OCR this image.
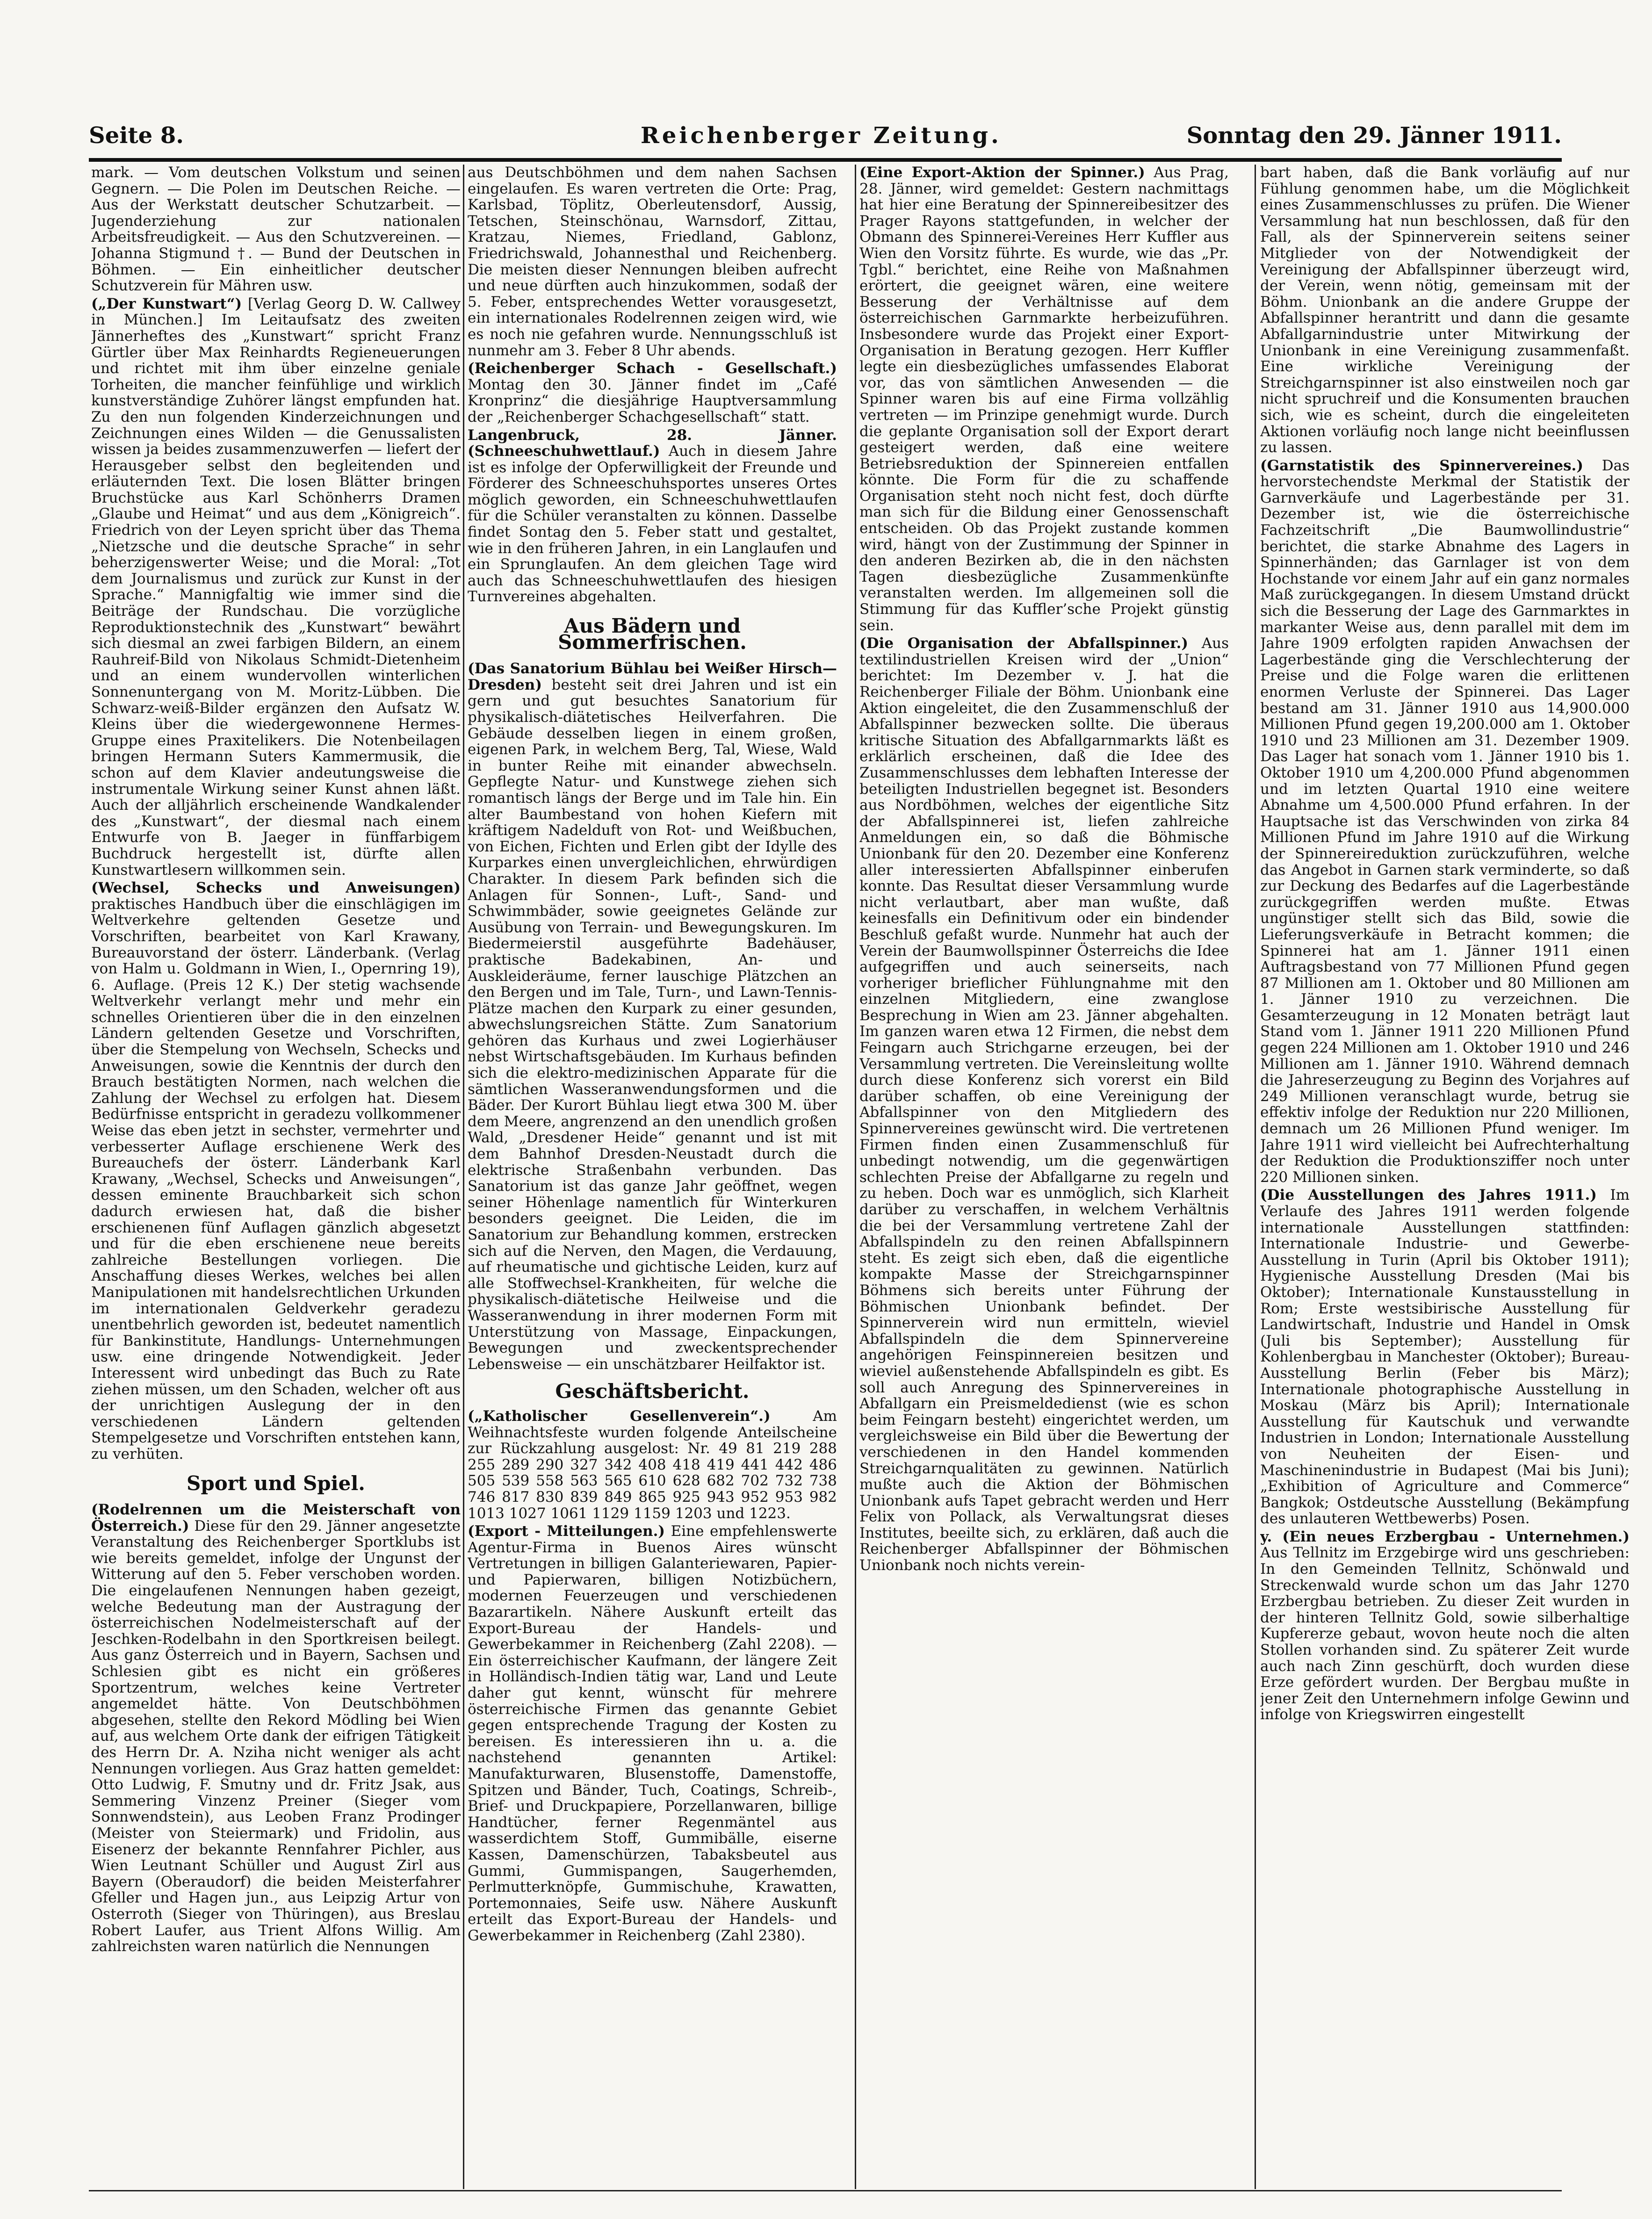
Seite 8.	Reichenberger Zeitung.	Sonntag den 29. Jänner 1911.

mark. — Vom deutschen Volkstum und seinen Gegnern. — Die Polen im Deutschen Reiche. — Aus der Werkstatt deutscher Schutzarbeit. — Jugenderziehung zur nationalen Arbeitsfreudigkeit. — Aus den Schutzvereinen. — Johanna Stigmund †. — Bund der Deutschen in Böhmen. — Ein einheitlicher deutscher Schutzverein für Mähren usw.

(„Der Kunstwart“) [Verlag Georg D. W. Callwey in München.] Im Leitaufsatz des zweiten Jännerheftes des „Kunstwart“ spricht Franz Gürtler über Max Reinhardts Regieneuerungen und richtet mit ihm über einzelne geniale Torheiten, die mancher feinfühlige und wirklich kunstverständige Zuhörer längst empfunden hat. Zu den nun folgenden Kinderzeichnungen und Zeichnungen eines Wilden — die Genussalisten wissen ja beides zusammenzuwerfen — liefert der Herausgeber selbst den begleitenden und erläuternden Text. Die losen Blätter bringen Bruchstücke aus Karl Schönherrs Dramen „Glaube und Heimat“ und aus dem „Königreich“. Friedrich von der Leyen spricht über das Thema „Nietzsche und die deutsche Sprache“ in sehr beherzigenswerter Weise; und die Moral: „Tot dem Journalismus und zurück zur Kunst in der Sprache.“ Mannigfaltig wie immer sind die Beiträge der Rundschau. Die vorzügliche Reproduktionstechnik des „Kunstwart“ bewährt sich diesmal an zwei farbigen Bildern, an einem Rauhreif-Bild von Nikolaus Schmidt-Dietenheim und an einem wundervollen winterlichen Sonnenuntergang von M. Moritz-Lübben. Die Schwarz-weiß-Bilder ergänzen den Aufsatz W. Kleins über die wiedergewonnene Hermes-Gruppe eines Praxitelikers. Die Notenbeilagen bringen Hermann Suters Kammermusik, die schon auf dem Klavier andeutungsweise die instrumentale Wirkung seiner Kunst ahnen läßt. Auch der alljährlich erscheinende Wandkalender des „Kunstwart“, der diesmal nach einem Entwurfe von B. Jaeger in fünffarbigem Buchdruck hergestellt ist, dürfte allen Kunstwartlesern willkommen sein.

(Wechsel, Schecks und Anweisungen) praktisches Handbuch über die einschlägigen im Weltverkehre geltenden Gesetze und Vorschriften, bearbeitet von Karl Krawany, Bureauvorstand der österr. Länderbank. (Verlag von Halm u. Goldmann in Wien, I., Opernring 19), 6. Auflage. (Preis 12 K.) Der stetig wachsende Weltverkehr verlangt mehr und mehr ein schnelles Orientieren über die in den einzelnen Ländern geltenden Gesetze und Vorschriften, über die Stempelung von Wechseln, Schecks und Anweisungen, sowie die Kenntnis der durch den Brauch bestätigten Normen, nach welchen die Zahlung der Wechsel zu erfolgen hat. Diesem Bedürfnisse entspricht in geradezu vollkommener Weise das eben jetzt in sechster, vermehrter und verbesserter Auflage erschienene Werk des Bureauchefs der österr. Länderbank Karl Krawany, „Wechsel, Schecks und Anweisungen“, dessen eminente Brauchbarkeit sich schon dadurch erwiesen hat, daß die bisher erschienenen fünf Auflagen gänzlich abgesetzt und für die eben erschienene neue bereits zahlreiche Bestellungen vorliegen. Die Anschaffung dieses Werkes, welches bei allen Manipulationen mit handelsrechtlichen Urkunden im internationalen Geldverkehr geradezu unentbehrlich geworden ist, bedeutet namentlich für Bankinstitute, Handlungs- Unternehmungen usw. eine dringende Notwendigkeit. Jeder Interessent wird unbedingt das Buch zu Rate ziehen müssen, um den Schaden, welcher oft aus der unrichtigen Auslegung der in den verschiedenen Ländern geltenden Stempelgesetze und Vorschriften entstehen kann, zu verhüten.

Sport und Spiel.

(Rodelrennen um die Meisterschaft von Österreich.) Diese für den 29. Jänner angesetzte Veranstaltung des Reichenberger Sportklubs ist wie bereits gemeldet, infolge der Ungunst der Witterung auf den 5. Feber verschoben worden. Die eingelaufenen Nennungen haben gezeigt, welche Bedeutung man der Austragung der österreichischen Nodelmeisterschaft auf der Jeschken-Rodelbahn in den Sportkreisen beilegt. Aus ganz Österreich und in Bayern, Sachsen und Schlesien gibt es nicht ein größeres Sportzentrum, welches keine Vertreter angemeldet hätte. Von Deutschböhmen abgesehen, stellte den Rekord Mödling bei Wien auf, aus welchem Orte dank der eifrigen Tätigkeit des Herrn Dr. A. Nziha nicht weniger als acht Nennungen vorliegen. Aus Graz hatten gemeldet: Otto Ludwig, F. Smutny und dr. Fritz Jsak, aus Semmering Vinzenz Preiner (Sieger vom Sonnwendstein), aus Leoben Franz Prodinger (Meister von Steiermark) und Fridolin, aus Eisenerz der bekannte Rennfahrer Pichler, aus Wien Leutnant Schüller und August Zirl aus Bayern (Oberaudorf) die beiden Meisterfahrer Gfeller und Hagen jun., aus Leipzig Artur von Osterroth (Sieger von Thüringen), aus Breslau Robert Laufer, aus Trient Alfons Willig. Am zahlreichsten waren natürlich die Nennungen

aus Deutschböhmen und dem nahen Sachsen eingelaufen. Es waren vertreten die Orte: Prag, Karlsbad, Töplitz, Oberleutensdorf, Aussig, Tetschen, Steinschönau, Warnsdorf, Zittau, Kratzau, Niemes, Friedland, Gablonz, Friedrichswald, Johannesthal und Reichenberg. Die meisten dieser Nennungen bleiben aufrecht und neue dürften auch hinzukommen, sodaß der 5. Feber, entsprechendes Wetter vorausgesetzt, ein internationales Rodelrennen zeigen wird, wie es noch nie gefahren wurde. Nennungsschluß ist nunmehr am 3. Feber 8 Uhr abends.

(Reichenberger Schach - Gesellschaft.) Montag den 30. Jänner findet im „Café Kronprinz“ die diesjährige Hauptversammlung der „Reichenberger Schachgesellschaft“ statt.

Langenbruck, 28. Jänner. (Schneeschuhwettlauf.) Auch in diesem Jahre ist es infolge der Opferwilligkeit der Freunde und Förderer des Schneeschuhsportes unseres Ortes möglich geworden, ein Schneeschuhwettlaufen für die Schüler veranstalten zu können. Dasselbe findet Sontag den 5. Feber statt und gestaltet, wie in den früheren Jahren, in ein Langlaufen und ein Sprunglaufen. An dem gleichen Tage wird auch das Schneeschuhwettlaufen des hiesigen Turnvereines abgehalten.

Aus Bädern und Sommerfrischen.

(Das Sanatorium Bühlau bei Weißer Hirsch—Dresden) besteht seit drei Jahren und ist ein gern und gut besuchtes Sanatorium für physikalisch-diätetisches Heilverfahren. Die Gebäude desselben liegen in einem großen, eigenen Park, in welchem Berg, Tal, Wiese, Wald in bunter Reihe mit einander abwechseln. Gepflegte Natur- und Kunstwege ziehen sich romantisch längs der Berge und im Tale hin. Ein alter Baumbestand von hohen Kiefern mit kräftigem Nadelduft von Rot- und Weißbuchen, von Eichen, Fichten und Erlen gibt der Idylle des Kurparkes einen unvergleichlichen, ehrwürdigen Charakter. In diesem Park befinden sich die Anlagen für Sonnen-, Luft-, Sand- und Schwimmbäder, sowie geeignetes Gelände zur Ausübung von Terrain- und Bewegungskuren. Im Biedermeierstil ausgeführte Badehäuser, praktische Badekabinen, An- und Auskleideräume, ferner lauschige Plätzchen an den Bergen und im Tale, Turn-, und Lawn-Tennis-Plätze machen den Kurpark zu einer gesunden, abwechslungsreichen Stätte. Zum Sanatorium gehören das Kurhaus und zwei Logierhäuser nebst Wirtschaftsgebäuden. Im Kurhaus befinden sich die elektro-medizinischen Apparate für die sämtlichen Wasseranwendungsformen und die Bäder. Der Kurort Bühlau liegt etwa 300 M. über dem Meere, angrenzend an den unendlich großen Wald, „Dresdener Heide“ genannt und ist mit dem Bahnhof Dresden-Neustadt durch die elektrische Straßenbahn verbunden. Das Sanatorium ist das ganze Jahr geöffnet, wegen seiner Höhenlage namentlich für Winterkuren besonders geeignet. Die Leiden, die im Sanatorium zur Behandlung kommen, erstrecken sich auf die Nerven, den Magen, die Verdauung, auf rheumatische und gichtische Leiden, kurz auf alle Stoffwechsel-Krankheiten, für welche die physikalisch-diätetische Heilweise und die Wasseranwendung in ihrer modernen Form mit Unterstützung von Massage, Einpackungen, Bewegungen und zweckentsprechender Lebensweise — ein unschätzbarer Heilfaktor ist.

Geschäftsbericht.

(„Katholischer Gesellenverein“.)	Am Weihnachtsfeste wurden folgende Anteilscheine zur Rückzahlung ausgelost: Nr. 49 81 219 288 255 289 290 327 342 408 418 419 441 442 486 505 539 558 563 565 610 628 682 702 732 738 746 817 830 839 849 865 925 943 952 953 982 1013 1027 1061 1129 1159 1203 und 1223.

(Export - Mitteilungen.) Eine empfehlenswerte Agentur-Firma in Buenos Aires wünscht Vertretungen in billigen Galanteriewaren, Papier- und Papierwaren, billigen Notizbüchern, modernen Feuerzeugen und verschiedenen Bazarartikeln. Nähere Auskunft erteilt das Export-Bureau der Handels- und Gewerbekammer in Reichenberg (Zahl 2208). — Ein österreichischer Kaufmann, der längere Zeit in Holländisch-Indien tätig war, Land und Leute daher gut kennt, wünscht für mehrere österreichische Firmen das genannte Gebiet gegen entsprechende Tragung der Kosten zu bereisen. Es interessieren ihn u. a. die nachstehend genannten Artikel: Manufakturwaren, Blusenstoffe, Damenstoffe, Spitzen und Bänder, Tuch, Coatings, Schreib-, Brief- und Druckpapiere, Porzellanwaren, billige Handtücher, ferner Regenmäntel aus wasserdichtem Stoff, Gummibälle, eiserne Kassen, Damenschürzen, Tabaksbeutel aus Gummi, Gummispangen, Saugerhemden, Perlmutterknöpfe, Gummischuhe, Krawatten, Portemonnaies, Seife usw. Nähere Auskunft erteilt das Export-Bureau der Handels- und Gewerbekammer in Reichenberg (Zahl 2380).

(Eine Export-Aktion der Spinner.) Aus Prag, 28. Jänner, wird gemeldet: Gestern nachmittags hat hier eine Beratung der Spinnereibesitzer des Prager Rayons stattgefunden, in welcher der Obmann des Spinnerei-Vereines Herr Kuffler aus Wien den Vorsitz führte. Es wurde, wie das „Pr. Tgbl.“ berichtet, eine Reihe von Maßnahmen erörtert, die geeignet wären, eine weitere Besserung der Verhältnisse auf dem österreichischen Garnmarkte herbeizuführen. Insbesondere wurde das Projekt einer Export-Organisation in Beratung gezogen. Herr Kuffler legte ein diesbezügliches umfassendes Elaborat vor, das von sämtlichen Anwesenden — die Spinner waren bis auf eine Firma vollzählig vertreten — im Prinzipe genehmigt wurde. Durch die geplante Organisation soll der Export derart gesteigert werden, daß eine weitere Betriebsreduktion der Spinnereien entfallen könnte. Die Form für die zu schaffende Organisation steht noch nicht fest, doch dürfte man sich für die Bildung einer Genossenschaft entscheiden. Ob das Projekt zustande kommen wird, hängt von der Zustimmung der Spinner in den anderen Bezirken ab, die in den nächsten Tagen diesbezügliche Zusammenkünfte veranstalten werden. Im allgemeinen soll die Stimmung für das Kuffler’sche Projekt günstig sein.

(Die Organisation der Abfallspinner.) Aus textilindustriellen Kreisen wird der „Union“ berichtet: Im Dezember v. J. hat die Reichenberger Filiale der Böhm. Unionbank eine Aktion eingeleitet, die den Zusammenschluß der Abfallspinner bezwecken sollte. Die überaus kritische Situation des Abfallgarnmarkts läßt es erklärlich erscheinen, daß die Idee des Zusammenschlusses dem lebhaften Interesse der beteiligten Industriellen begegnet ist. Besonders aus Nordböhmen, welches der eigentliche Sitz der Abfallspinnerei ist, liefen zahlreiche Anmeldungen ein, so daß die Böhmische Unionbank für den 20. Dezember eine Konferenz aller interessierten Abfallspinner einberufen konnte. Das Resultat dieser Versammlung wurde nicht verlautbart, aber man wußte, daß keinesfalls ein Definitivum oder ein bindender Beschluß gefaßt wurde. Nunmehr hat auch der Verein der Baumwollspinner Österreichs die Idee aufgegriffen und auch seinerseits, nach vorheriger brieflicher Fühlungnahme mit den einzelnen Mitgliedern, eine zwanglose Besprechung in Wien am 23. Jänner abgehalten. Im ganzen waren etwa 12 Firmen, die nebst dem Feingarn auch Strichgarne erzeugen, bei der Versammlung vertreten. Die Vereinsleitung wollte durch diese Konferenz sich vorerst ein Bild darüber schaffen, ob eine Vereinigung der Abfallspinner von den Mitgliedern des Spinnervereines gewünscht wird. Die vertretenen Firmen finden einen Zusammenschluß für unbedingt notwendig, um die gegenwärtigen schlechten Preise der Abfallgarne zu regeln und zu heben. Doch war es unmöglich, sich Klarheit darüber zu verschaffen, in welchem Verhältnis die bei der Versammlung vertretene Zahl der Abfallspindeln zu den reinen Abfallspinnern steht. Es zeigt sich eben, daß die eigentliche kompakte Masse der Streichgarnspinner Böhmens sich bereits unter Führung der Böhmischen Unionbank befindet. Der Spinnerverein wird nun ermitteln, wieviel Abfallspindeln die dem Spinnervereine angehörigen Feinspinnereien besitzen und wieviel außenstehende Abfallspindeln es gibt. Es soll auch Anregung des Spinnervereines in Abfallgarn ein Preismeldedienst (wie es schon beim Feingarn besteht) eingerichtet werden, um vergleichsweise ein Bild über die Bewertung der verschiedenen in den Handel kommenden Streichgarnqualitäten zu gewinnen. Natürlich mußte auch die Aktion der Böhmischen Unionbank aufs Tapet gebracht werden und Herr Felix von Pollack, als Verwaltungsrat dieses Institutes, beeilte sich, zu erklären, daß auch die Reichenberger Abfallspinner der Böhmischen Unionbank noch nichts verein-

bart haben, daß die Bank vorläufig auf nur Fühlung genommen habe, um die Möglichkeit eines Zusammenschlusses zu prüfen. Die Wiener Versammlung hat nun beschlossen, daß für den Fall, als der Spinnerverein seitens seiner Mitglieder von der Notwendigkeit der Vereinigung der Abfallspinner überzeugt wird, der Verein, wenn nötig, gemeinsam mit der Böhm. Unionbank an die andere Gruppe der Abfallspinner herantritt und dann die gesamte Abfallgarnindustrie unter Mitwirkung der Unionbank in eine Vereinigung zusammenfaßt. Eine wirkliche Vereinigung der Streichgarnspinner ist also einstweilen noch gar nicht spruchreif und die Konsumenten brauchen sich, wie es scheint, durch die eingeleiteten Aktionen vorläufig noch lange nicht beeinflussen zu lassen.

(Garnstatistik des Spinnervereines.) Das hervorstechendste Merkmal der Statistik der Garnverkäufe und Lagerbestände per 31. Dezember ist, wie die österreichische Fachzeitschrift „Die Baumwollindustrie“ berichtet, die starke Abnahme des Lagers in Spinnerhänden; das Garnlager ist von dem Hochstande vor einem Jahr auf ein ganz normales Maß zurückgegangen. In diesem Umstand drückt sich die Besserung der Lage des Garnmarktes in markanter Weise aus, denn parallel mit dem im Jahre 1909 erfolgten rapiden Anwachsen der Lagerbestände ging die Verschlechterung der Preise und die Folge waren die erlittenen enormen Verluste der Spinnerei. Das Lager bestand am 31. Jänner 1910 aus 14,900.000 Millionen Pfund gegen 19,200.000 am 1. Oktober 1910 und 23 Millionen am 31. Dezember 1909. Das Lager hat sonach vom 1. Jänner 1910 bis 1. Oktober 1910 um 4,200.000 Pfund abgenommen und im letzten Quartal 1910 eine weitere Abnahme um 4,500.000 Pfund erfahren. In der Hauptsache ist das Verschwinden von zirka 84 Millionen Pfund im Jahre 1910 auf die Wirkung der Spinnereireduktion zurückzuführen, welche das Angebot in Garnen stark verminderte, so daß zur Deckung des Bedarfes auf die Lagerbestände zurückgegriffen werden mußte. Etwas ungünstiger stellt sich das Bild, sowie die Lieferungsverkäufe in Betracht kommen; die Spinnerei hat am 1. Jänner 1911 einen Auftragsbestand von 77 Millionen Pfund gegen 87 Millionen am 1. Oktober und 80 Millionen am 1. Jänner 1910 zu verzeichnen. Die Gesamterzeugung in 12 Monaten beträgt laut Stand vom 1. Jänner 1911 220 Millionen Pfund gegen 224 Millionen am 1. Oktober 1910 und 246 Millionen am 1. Jänner 1910. Während demnach die Jahreserzeugung zu Beginn des Vorjahres auf 249 Millionen veranschlagt wurde, betrug sie effektiv infolge der Reduktion nur 220 Millionen, demnach um 26 Millionen Pfund weniger. Im Jahre 1911 wird vielleicht bei Aufrechterhaltung der Reduktion die Produktionsziffer noch unter 220 Millionen sinken.

(Die Ausstellungen des Jahres 1911.) Im Verlaufe des Jahres 1911 werden folgende internationale Ausstellungen stattfinden: Internationale Industrie- und Gewerbe-Ausstellung in Turin (April bis Oktober 1911); Hygienische Ausstellung Dresden (Mai bis Oktober); Internationale Kunstausstellung in Rom; Erste westsibirische Ausstellung für Landwirtschaft, Industrie und Handel in Omsk (Juli bis September); Ausstellung für Kohlenbergbau in Manchester (Oktober); Bureau-Ausstellung Berlin (Feber bis März); Internationale photographische Ausstellung in Moskau (März bis April); Internationale Ausstellung für Kautschuk und verwandte Industrien in London; Internationale Ausstellung von Neuheiten der Eisen- und Maschinenindustrie in Budapest (Mai bis Juni); „Exhibition of Agriculture and Commerce“ Bangkok; Ostdeutsche Ausstellung (Bekämpfung des unlauteren Wettbewerbs) Posen.

y. (Ein neues Erzbergbau - Unternehmen.) Aus Tellnitz im Erzgebirge wird uns geschrieben: In den Gemeinden Tellnitz, Schönwald und Streckenwald wurde schon um das Jahr 1270 Erzbergbau betrieben. Zu dieser Zeit wurden in der hinteren Tellnitz Gold, sowie silberhaltige Kupfererze gebaut, wovon heute noch die alten Stollen vorhanden sind. Zu späterer Zeit wurde auch nach Zinn geschürft, doch wurden diese Erze gefördert wurden. Der Bergbau mußte in jener Zeit den Unternehmern infolge Gewinn und infolge von Kriegswirren eingestellt
